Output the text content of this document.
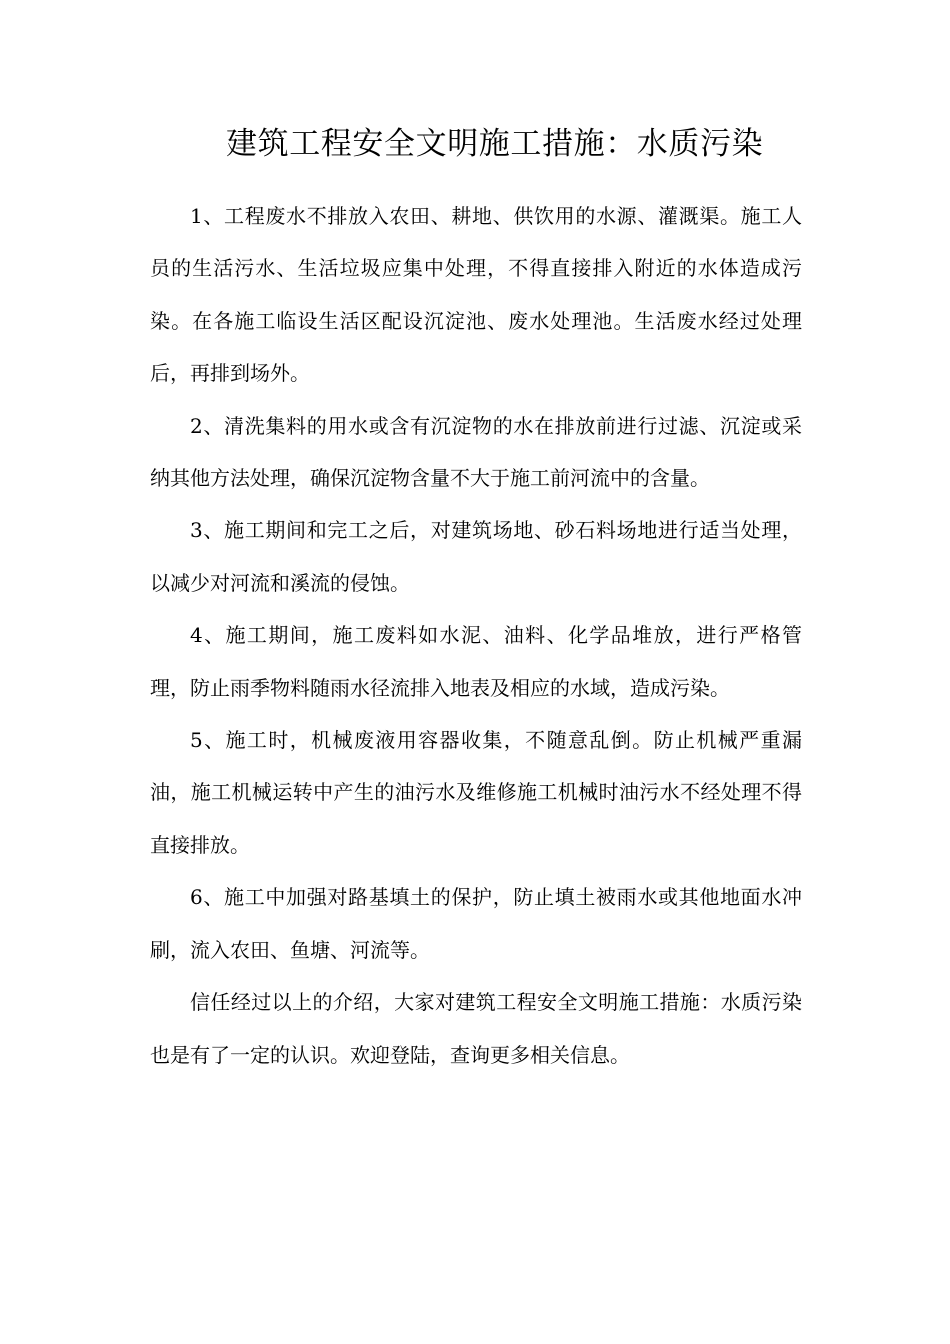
建筑工程安全文明施工措施：水质污染

1、工程废水不排放入农田、耕地、供饮用的水源、灌溉渠。施工人员的生活污水、生活垃圾应集中处理，不得直接排入附近的水体造成污染。在各施工临设生活区配设沉淀池、废水处理池。生活废水经过处理后，再排到场外。

2、清洗集料的用水或含有沉淀物的水在排放前进行过滤、沉淀或采纳其他方法处理，确保沉淀物含量不大于施工前河流中的含量。

3、施工期间和完工之后，对建筑场地、砂石料场地进行适当处理，以减少对河流和溪流的侵蚀。

4、施工期间，施工废料如水泥、油料、化学品堆放，进行严格管理，防止雨季物料随雨水径流排入地表及相应的水域，造成污染。

5、施工时，机械废液用容器收集，不随意乱倒。防止机械严重漏油，施工机械运转中产生的油污水及维修施工机械时油污水不经处理不得直接排放。

6、施工中加强对路基填土的保护，防止填土被雨水或其他地面水冲刷，流入农田、鱼塘、河流等。

信任经过以上的介绍，大家对建筑工程安全文明施工措施：水质污染也是有了一定的认识。欢迎登陆，查询更多相关信息。
